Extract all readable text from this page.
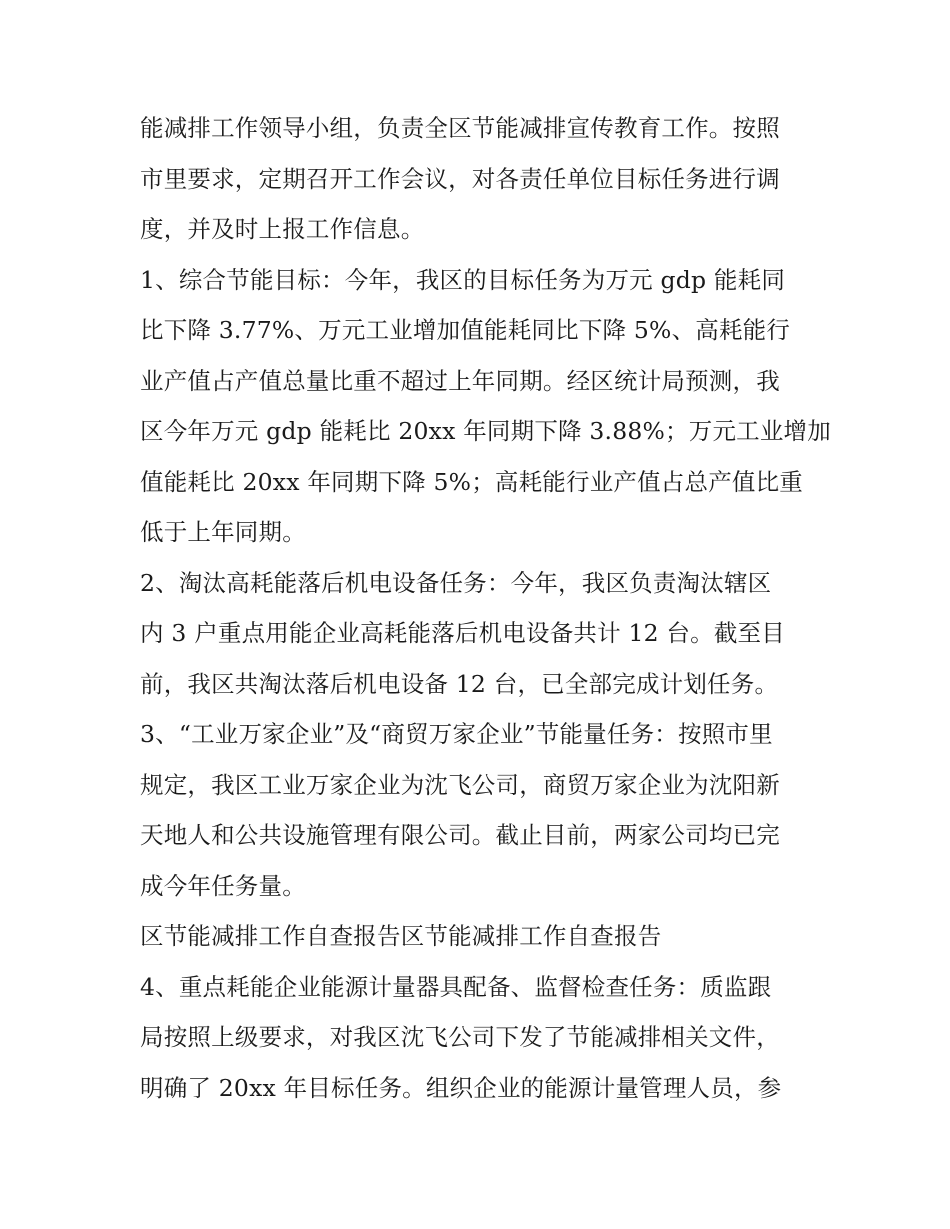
能减排工作领导小组，负责全区节能减排宣传教育工作。按照
市里要求，定期召开工作会议，对各责任单位目标任务进行调
度，并及时上报工作信息。
1、综合节能目标：今年，我区的目标任务为万元 gdp 能耗同
比下降 3.77%、万元工业增加值能耗同比下降 5%、高耗能行
业产值占产值总量比重不超过上年同期。经区统计局预测，我
区今年万元 gdp 能耗比 20xx 年同期下降 3.88%；万元工业增加
值能耗比 20xx 年同期下降 5%；高耗能行业产值占总产值比重
低于上年同期。
2、淘汰高耗能落后机电设备任务：今年，我区负责淘汰辖区
内 3 户重点用能企业高耗能落后机电设备共计 12 台。截至目
前，我区共淘汰落后机电设备 12 台，已全部完成计划任务。
3、“工业万家企业”及“商贸万家企业”节能量任务：按照市里
规定，我区工业万家企业为沈飞公司，商贸万家企业为沈阳新
天地人和公共设施管理有限公司。截止目前，两家公司均已完
成今年任务量。
区节能减排工作自查报告区节能减排工作自查报告
4、重点耗能企业能源计量器具配备、监督检查任务：质监跟
局按照上级要求，对我区沈飞公司下发了节能减排相关文件，
明确了 20xx 年目标任务。组织企业的能源计量管理人员，参
